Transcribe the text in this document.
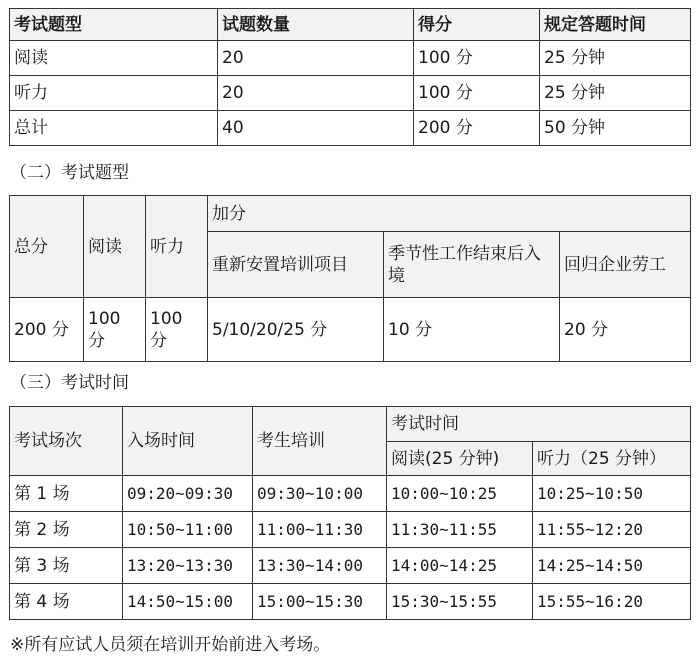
考试题型	试题数量	得分	规定答题时间
阅读	20	100 分	25 分钟
听力	20	100 分	25 分钟
总计	40	200 分	50 分钟
（二）考试题型
总分	阅读	听力	加分		
			重新安置培训项目	季节性工作结束后入境	回归企业劳工
200 分	100 分	100 分	5/10/20/25 分	10 分	20 分
（三）考试时间
考试场次	入场时间	考生培训	考试时间	
			阅读(25 分钟)	听力（25 分钟）
第 1 场	09:20~09:30	09:30~10:00	10:00~10:25	10:25~10:50
第 2 场	10:50~11:00	11:00~11:30	11:30~11:55	11:55~12:20
第 3 场	13:20~13:30	13:30~14:00	14:00~14:25	14:25~14:50
第 4 场	14:50~15:00	15:00~15:30	15:30~15:55	15:55~16:20
※所有应试人员须在培训开始前进入考场。
